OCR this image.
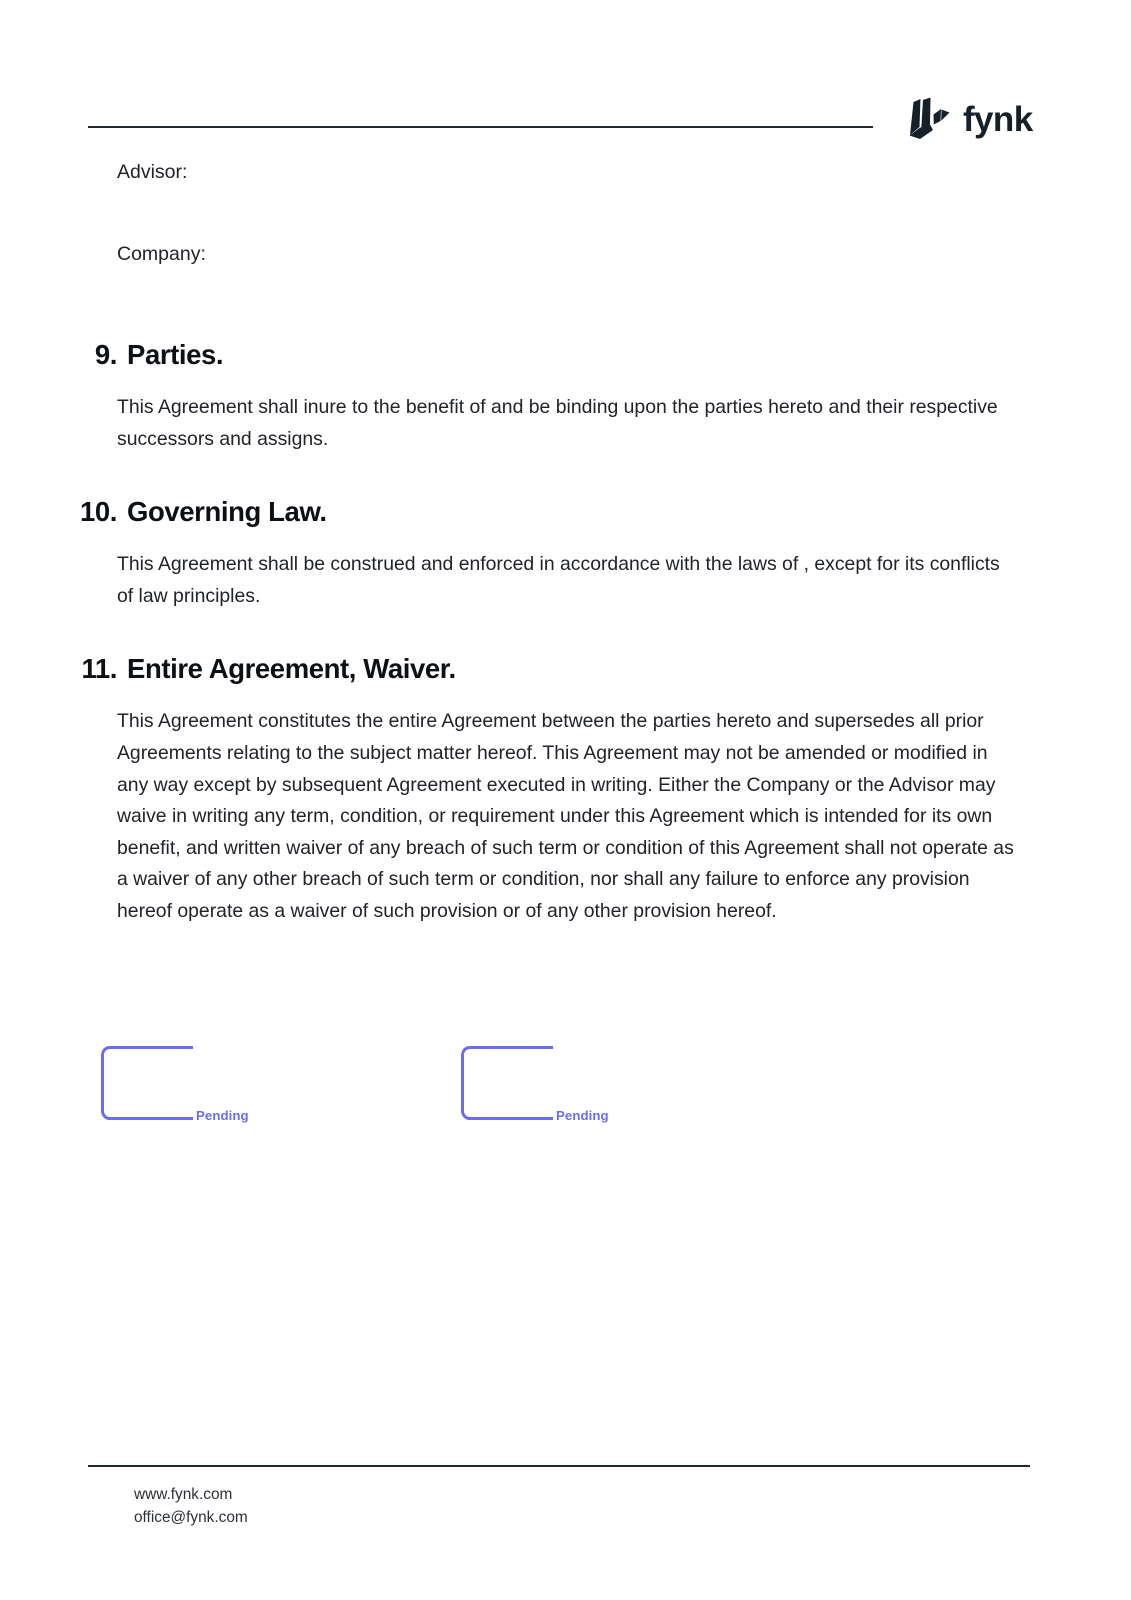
fynk
Advisor:
Company:
9. Parties.
This Agreement shall inure to the benefit of and be binding upon the parties hereto and their respective successors and assigns.
10. Governing Law.
This Agreement shall be construed and enforced in accordance with the laws of , except for its conflicts of law principles.
11. Entire Agreement, Waiver.
This Agreement constitutes the entire Agreement between the parties hereto and supersedes all prior Agreements relating to the subject matter hereof. This Agreement may not be amended or modified in any way except by subsequent Agreement executed in writing. Either the Company or the Advisor may waive in writing any term, condition, or requirement under this Agreement which is intended for its own benefit, and written waiver of any breach of such term or condition of this Agreement shall not operate as a waiver of any other breach of such term or condition, nor shall any failure to enforce any provision hereof operate as a waiver of such provision or of any other provision hereof.
Pending	Pending
www.fynk.com
office@fynk.com
